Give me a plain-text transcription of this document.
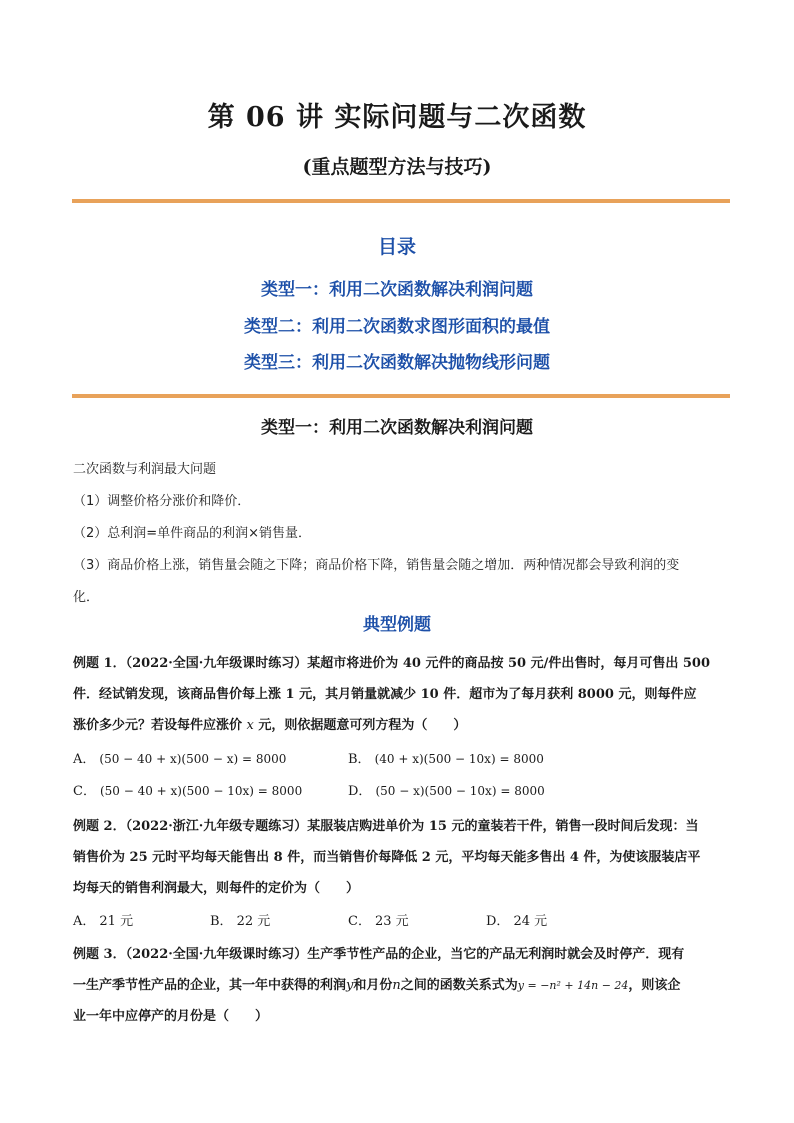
第 06 讲 实际问题与二次函数
(重点题型方法与技巧)
目录
类型一：利用二次函数解决利润问题
类型二：利用二次函数求图形面积的最值
类型三：利用二次函数解决抛物线形问题
类型一：利用二次函数解决利润问题
二次函数与利润最大问题
（1）调整价格分涨价和降价．
（2）总利润=单件商品的利润×销售量．
（3）商品价格上涨，销售量会随之下降；商品价格下降，销售量会随之增加．两种情况都会导致利润的变
化．
典型例题
例题 1．（2022·全国·九年级课时练习）某超市将进价为 40 元件的商品按 50 元/件出售时，每月可售出 500
件．经试销发现，该商品售价每上涨 1 元，其月销量就减少 10 件．超市为了每月获利 8000 元，则每件应
涨价多少元？若设每件应涨价 x 元，则依据题意可列方程为（　　）
A． (50 − 40 + x)(500 − x) = 8000	B． (40 + x)(500 − 10x) = 8000
C． (50 − 40 + x)(500 − 10x) = 8000	D． (50 − x)(500 − 10x) = 8000
例题 2．（2022·浙江·九年级专题练习）某服装店购进单价为 15 元的童装若干件，销售一段时间后发现：当
销售价为 25 元时平均每天能售出 8 件，而当销售价每降低 2 元，平均每天能多售出 4 件，为使该服装店平
均每天的销售利润最大，则每件的定价为（　　）
A． 21 元	B． 22 元	C． 23 元	D． 24 元
例题 3．（2022·全国·九年级课时练习）生产季节性产品的企业，当它的产品无利润时就会及时停产．现有
一生产季节性产品的企业，其一年中获得的利润y和月份n之间的函数关系式为y = −n² + 14n − 24，则该企
业一年中应停产的月份是（　　）
